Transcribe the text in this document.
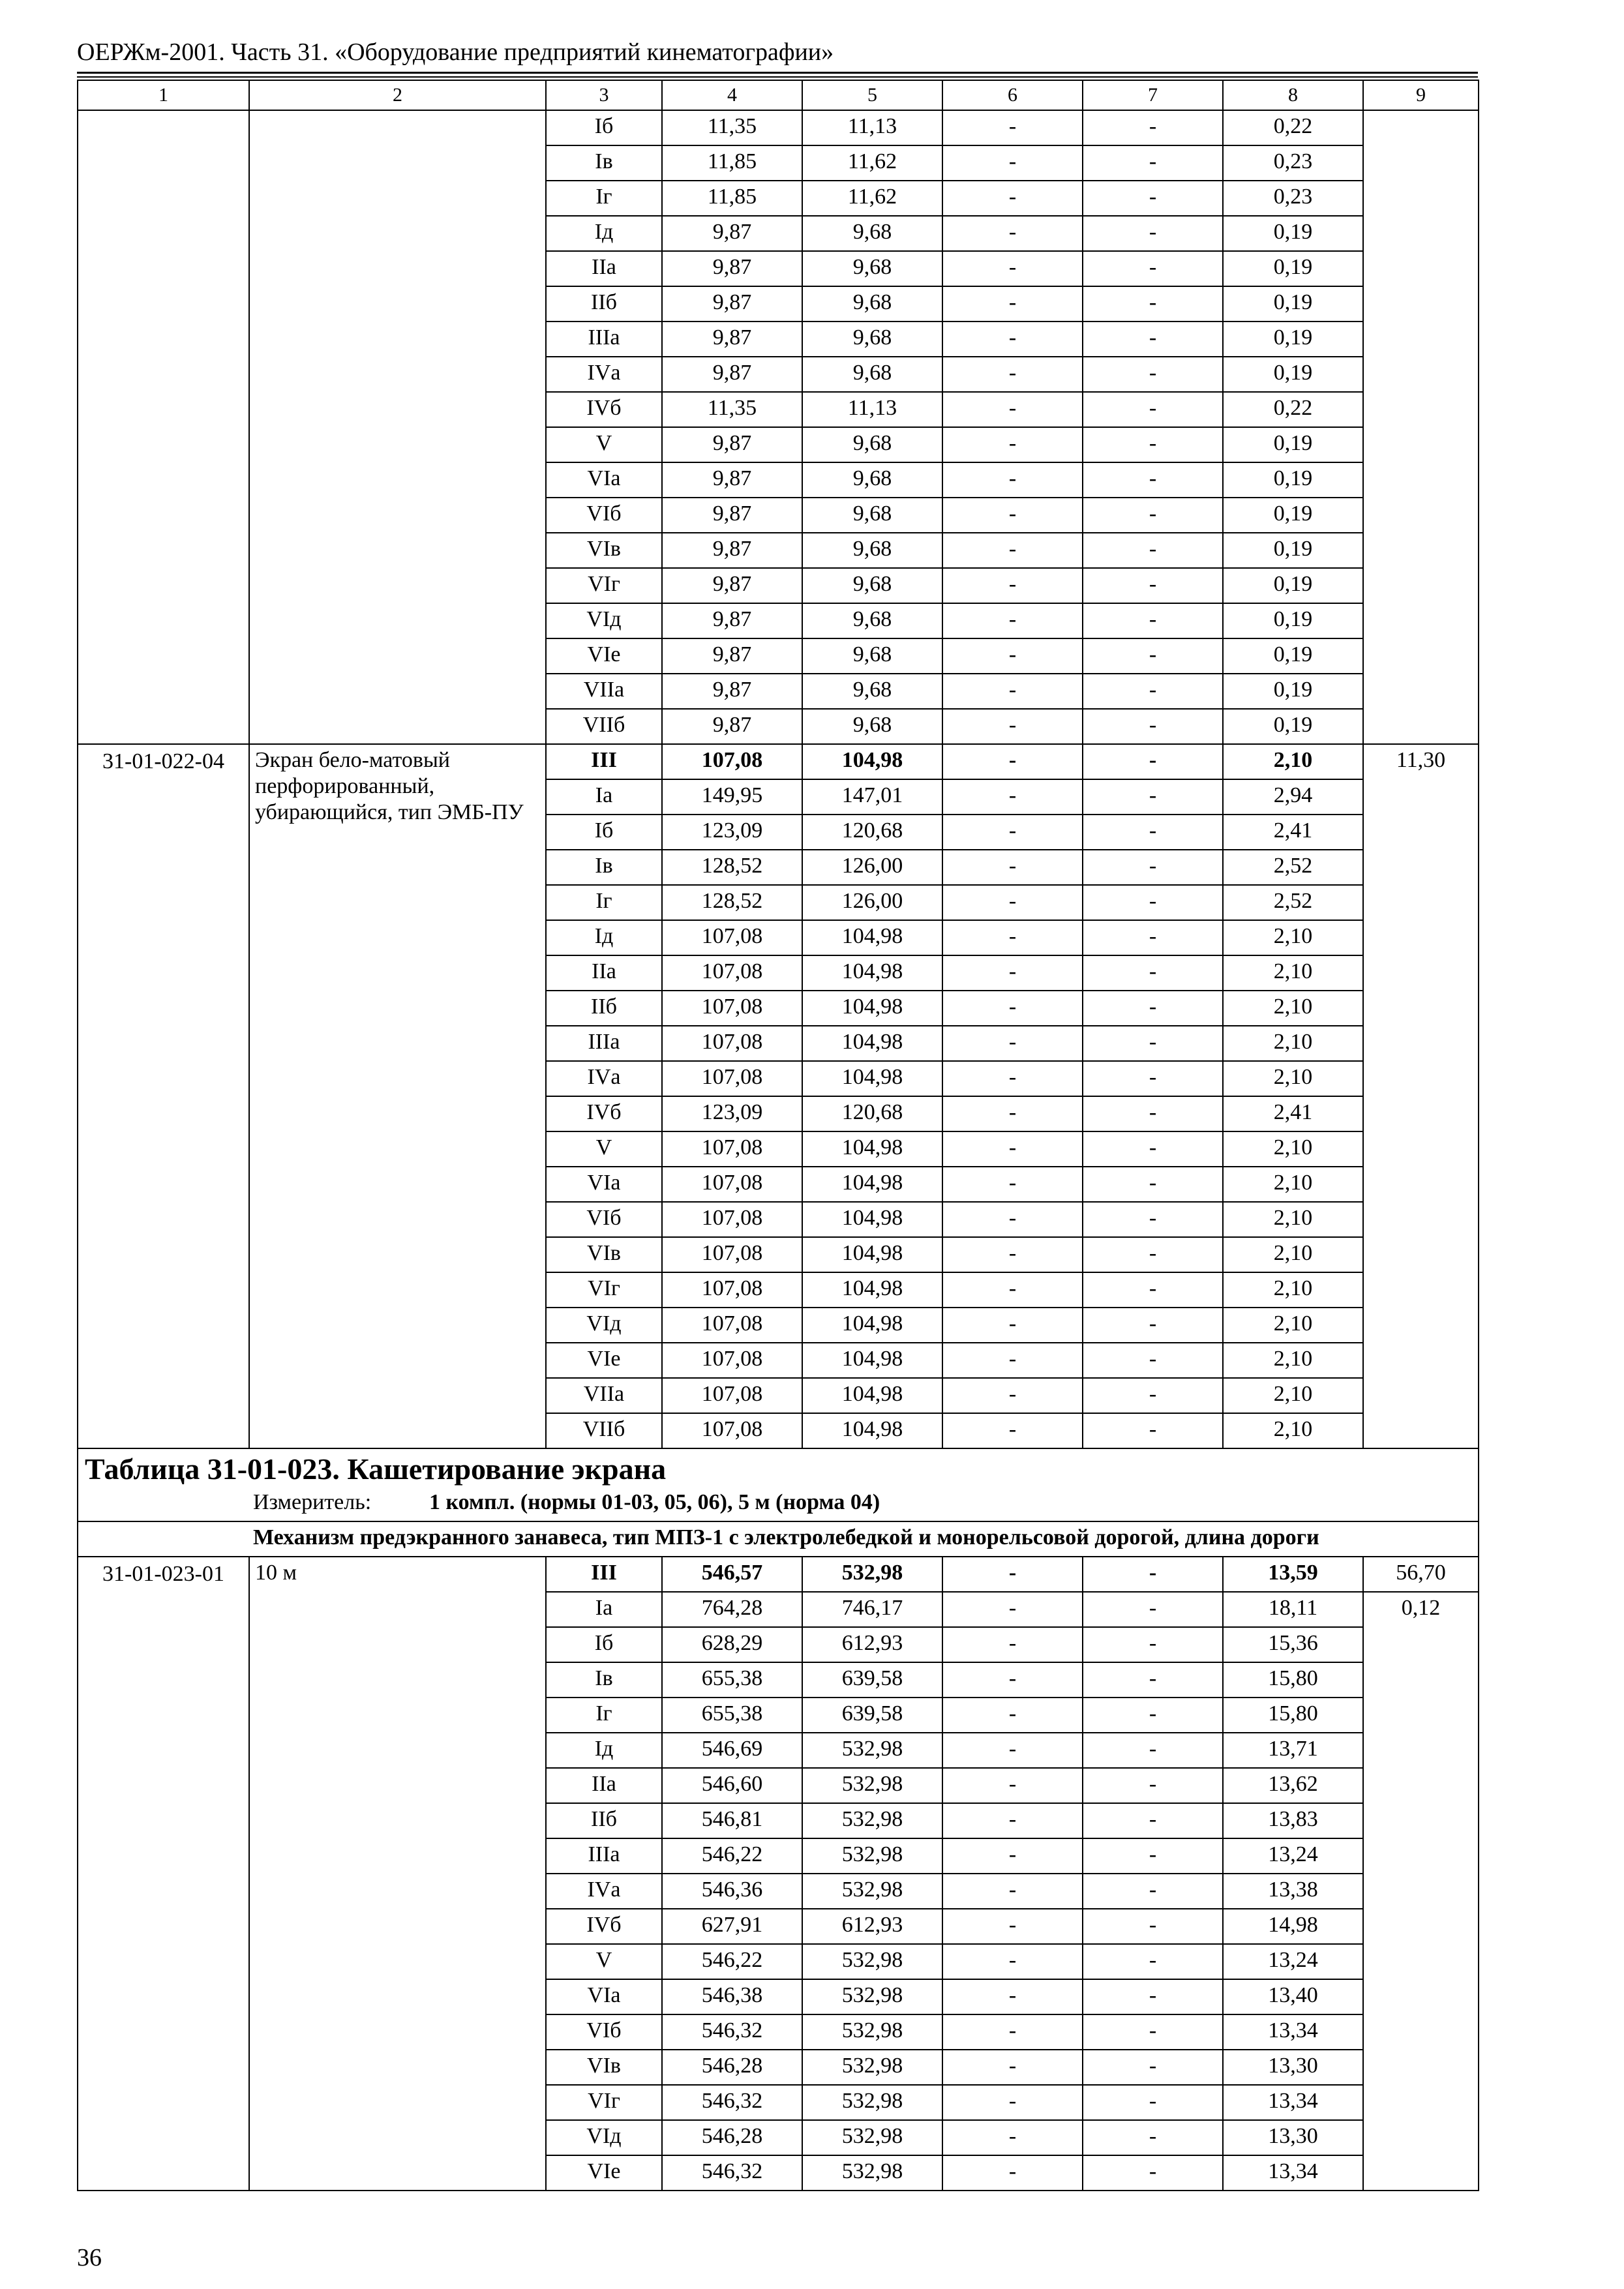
ОЕРЖм-2001. Часть 31. «Оборудование предприятий кинематографии»
1	2	3	4	5	6	7	8	9
		Iб	11,35	11,13	-	-	0,22	
		Iв	11,85	11,62	-	-	0,23	
		Iг	11,85	11,62	-	-	0,23	
		Iд	9,87	9,68	-	-	0,19	
		IIа	9,87	9,68	-	-	0,19	
		IIб	9,87	9,68	-	-	0,19	
		IIIа	9,87	9,68	-	-	0,19	
		IVа	9,87	9,68	-	-	0,19	
		IVб	11,35	11,13	-	-	0,22	
		V	9,87	9,68	-	-	0,19	
		VIа	9,87	9,68	-	-	0,19	
		VIб	9,87	9,68	-	-	0,19	
		VIв	9,87	9,68	-	-	0,19	
		VIг	9,87	9,68	-	-	0,19	
		VIд	9,87	9,68	-	-	0,19	
		VIе	9,87	9,68	-	-	0,19	
		VIIа	9,87	9,68	-	-	0,19	
		VIIб	9,87	9,68	-	-	0,19	
31-01-022-04	Экран бело-матовый перфорированный, убирающийся, тип ЭМБ-ПУ	III	107,08	104,98	-	-	2,10	11,30
		Iа	149,95	147,01	-	-	2,94	
		Iб	123,09	120,68	-	-	2,41	
		Iв	128,52	126,00	-	-	2,52	
		Iг	128,52	126,00	-	-	2,52	
		Iд	107,08	104,98	-	-	2,10	
		IIа	107,08	104,98	-	-	2,10	
		IIб	107,08	104,98	-	-	2,10	
		IIIа	107,08	104,98	-	-	2,10	
		IVа	107,08	104,98	-	-	2,10	
		IVб	123,09	120,68	-	-	2,41	
		V	107,08	104,98	-	-	2,10	
		VIа	107,08	104,98	-	-	2,10	
		VIб	107,08	104,98	-	-	2,10	
		VIв	107,08	104,98	-	-	2,10	
		VIг	107,08	104,98	-	-	2,10	
		VIд	107,08	104,98	-	-	2,10	
		VIе	107,08	104,98	-	-	2,10	
		VIIа	107,08	104,98	-	-	2,10	
		VIIб	107,08	104,98	-	-	2,10	

Таблица 31-01-023. Кашетирование экрана
Измеритель: 1 компл. (нормы 01-03, 05, 06), 5 м (норма 04)								

Механизм предэкранного занавеса, тип МПЗ-1 с электролебедкой и монорельсовой дорогой, длина дороги								
31-01-023-01	10 м	III	546,57	532,98	-	-	13,59	56,70
		Iа	764,28	746,17	-	-	18,11	0,12
		Iб	628,29	612,93	-	-	15,36	
		Iв	655,38	639,58	-	-	15,80	
		Iг	655,38	639,58	-	-	15,80	
		Iд	546,69	532,98	-	-	13,71	
		IIа	546,60	532,98	-	-	13,62	
		IIб	546,81	532,98	-	-	13,83	
		IIIа	546,22	532,98	-	-	13,24	
		IVа	546,36	532,98	-	-	13,38	
		IVб	627,91	612,93	-	-	14,98	
		V	546,22	532,98	-	-	13,24	
		VIа	546,38	532,98	-	-	13,40	
		VIб	546,32	532,98	-	-	13,34	
		VIв	546,28	532,98	-	-	13,30	
		VIг	546,32	532,98	-	-	13,34	
		VIд	546,28	532,98	-	-	13,30	
		VIе	546,32	532,98	-	-	13,34	
36
